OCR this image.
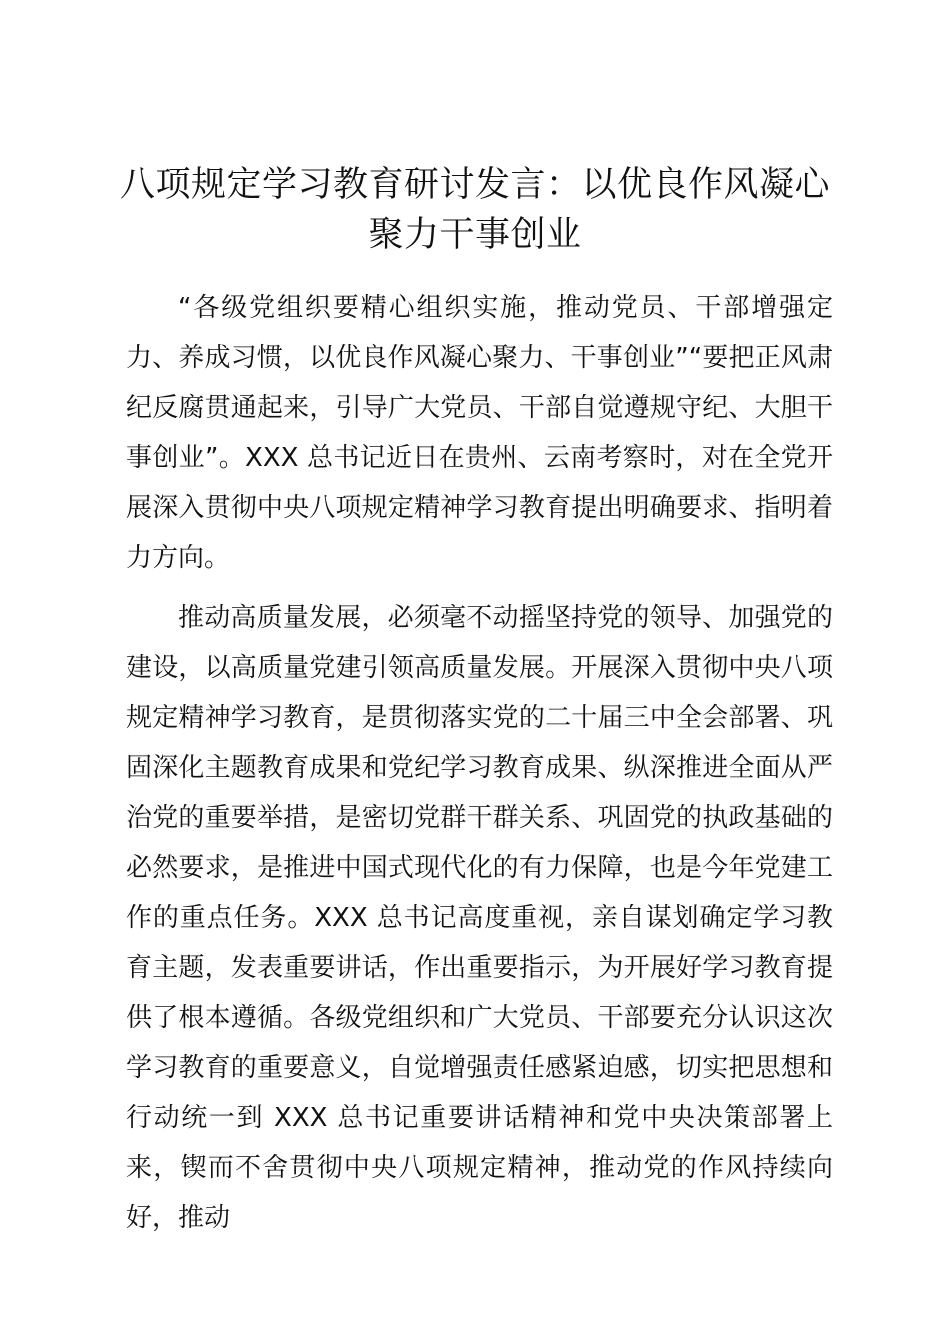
八项规定学习教育研讨发言：以优良作风凝心
聚力干事创业

“各级党组织要精心组织实施，推动党员、干部增强定力、养成习惯，以优良作风凝心聚力、干事创业”“要把正风肃纪反腐贯通起来，引导广大党员、干部自觉遵规守纪、大胆干事创业”。XXX 总书记近日在贵州、云南考察时，对在全党开展深入贯彻中央八项规定精神学习教育提出明确要求、指明着力方向。

推动高质量发展，必须毫不动摇坚持党的领导、加强党的建设，以高质量党建引领高质量发展。开展深入贯彻中央八项规定精神学习教育，是贯彻落实党的二十届三中全会部署、巩固深化主题教育成果和党纪学习教育成果、纵深推进全面从严治党的重要举措，是密切党群干群关系、巩固党的执政基础的必然要求，是推进中国式现代化的有力保障，也是今年党建工作的重点任务。XXX 总书记高度重视，亲自谋划确定学习教育主题，发表重要讲话，作出重要指示，为开展好学习教育提供了根本遵循。各级党组织和广大党员、干部要充分认识这次学习教育的重要意义，自觉增强责任感紧迫感，切实把思想和行动统一到 XXX 总书记重要讲话精神和党中央决策部署上来，锲而不舍贯彻中央八项规定精神，推动党的作风持续向好，推动
